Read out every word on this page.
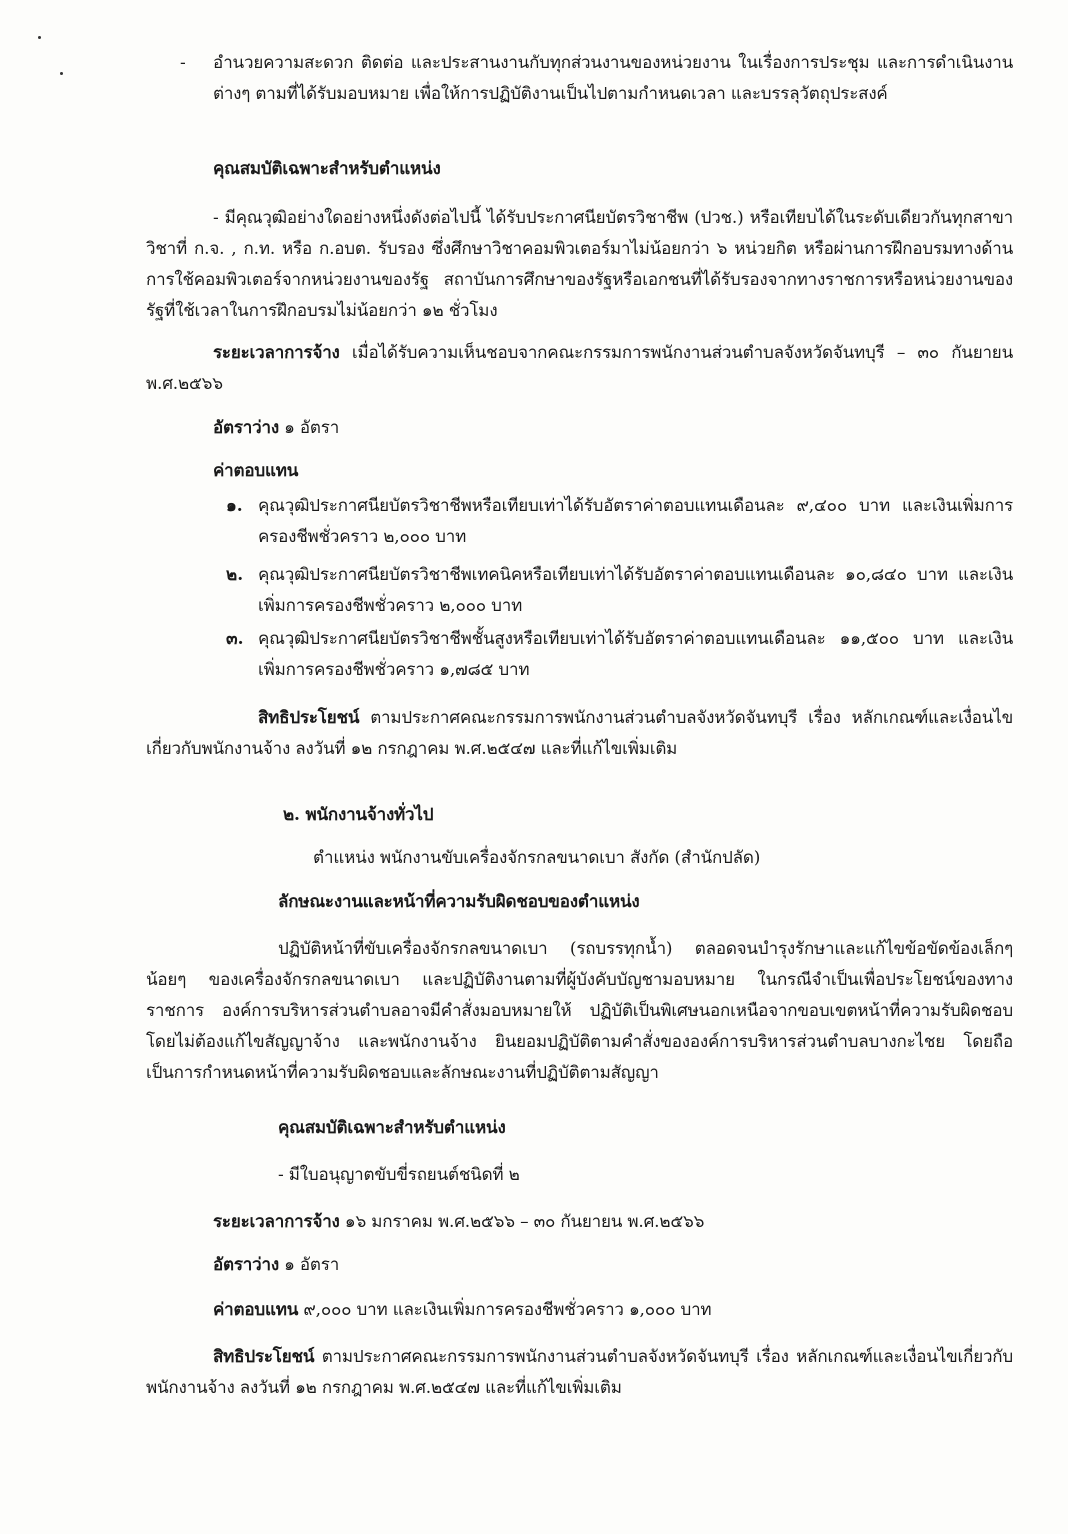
- อำนวยความสะดวก ติดต่อ และประสานงานกับทุกส่วนงานของหน่วยงาน ในเรื่องการประชุม และการดำเนินงานต่างๆ ตามที่ได้รับมอบหมาย เพื่อให้การปฏิบัติงานเป็นไปตามกำหนดเวลา และบรรลุวัตถุประสงค์

คุณสมบัติเฉพาะสำหรับตำแหน่ง

- มีคุณวุฒิอย่างใดอย่างหนึ่งดังต่อไปนี้ ได้รับประกาศนียบัตรวิชาชีพ (ปวช.) หรือเทียบได้ในระดับเดียวกันทุกสาขาวิชาที่ ก.จ. , ก.ท. หรือ ก.อบต. รับรอง ซึ่งศึกษาวิชาคอมพิวเตอร์มาไม่น้อยกว่า ๖ หน่วยกิต หรือผ่านการฝึกอบรมทางด้านการใช้คอมพิวเตอร์จากหน่วยงานของรัฐ สถาบันการศึกษาของรัฐหรือเอกชนที่ได้รับรองจากทางราชการหรือหน่วยงานของรัฐที่ใช้เวลาในการฝึกอบรมไม่น้อยกว่า ๑๒ ชั่วโมง

ระยะเวลาการจ้าง เมื่อได้รับความเห็นชอบจากคณะกรรมการพนักงานส่วนตำบลจังหวัดจันทบุรี – ๓๐ กันยายน พ.ศ.๒๕๖๖

อัตราว่าง ๑ อัตรา

ค่าตอบแทน

๑. คุณวุฒิประกาศนียบัตรวิชาชีพหรือเทียบเท่าได้รับอัตราค่าตอบแทนเดือนละ ๙,๔๐๐ บาท และเงินเพิ่มการครองชีพชั่วคราว ๒,๐๐๐ บาท

๒. คุณวุฒิประกาศนียบัตรวิชาชีพเทคนิคหรือเทียบเท่าได้รับอัตราค่าตอบแทนเดือนละ ๑๐,๘๔๐ บาท และเงินเพิ่มการครองชีพชั่วคราว ๒,๐๐๐ บาท

๓. คุณวุฒิประกาศนียบัตรวิชาชีพชั้นสูงหรือเทียบเท่าได้รับอัตราค่าตอบแทนเดือนละ ๑๑,๕๐๐ บาท และเงินเพิ่มการครองชีพชั่วคราว ๑,๗๘๕ บาท

สิทธิประโยชน์ ตามประกาศคณะกรรมการพนักงานส่วนตำบลจังหวัดจันทบุรี เรื่อง หลักเกณฑ์และเงื่อนไขเกี่ยวกับพนักงานจ้าง ลงวันที่ ๑๒ กรกฎาคม พ.ศ.๒๕๔๗ และที่แก้ไขเพิ่มเติม

๒. พนักงานจ้างทั่วไป

ตำแหน่ง พนักงานขับเครื่องจักรกลขนาดเบา สังกัด (สำนักปลัด)

ลักษณะงานและหน้าที่ความรับผิดชอบของตำแหน่ง

ปฏิบัติหน้าที่ขับเครื่องจักรกลขนาดเบา (รถบรรทุกน้ำ) ตลอดจนบำรุงรักษาและแก้ไขข้อขัดข้องเล็กๆ น้อยๆ ของเครื่องจักรกลขนาดเบา และปฏิบัติงานตามที่ผู้บังคับบัญชามอบหมาย ในกรณีจำเป็นเพื่อประโยชน์ของทางราชการ องค์การบริหารส่วนตำบลอาจมีคำสั่งมอบหมายให้ ปฏิบัติเป็นพิเศษนอกเหนือจากขอบเขตหน้าที่ความรับผิดชอบ โดยไม่ต้องแก้ไขสัญญาจ้าง และพนักงานจ้าง ยินยอมปฏิบัติตามคำสั่งขององค์การบริหารส่วนตำบลบางกะไชย โดยถือเป็นการกำหนดหน้าที่ความรับผิดชอบและลักษณะงานที่ปฏิบัติตามสัญญา

คุณสมบัติเฉพาะสำหรับตำแหน่ง

- มีใบอนุญาตขับขี่รถยนต์ชนิดที่ ๒

ระยะเวลาการจ้าง ๑๖ มกราคม พ.ศ.๒๕๖๖ – ๓๐ กันยายน พ.ศ.๒๕๖๖

อัตราว่าง ๑ อัตรา

ค่าตอบแทน ๙,๐๐๐ บาท และเงินเพิ่มการครองชีพชั่วคราว ๑,๐๐๐ บาท

สิทธิประโยชน์ ตามประกาศคณะกรรมการพนักงานส่วนตำบลจังหวัดจันทบุรี เรื่อง หลักเกณฑ์และเงื่อนไขเกี่ยวกับพนักงานจ้าง ลงวันที่ ๑๒ กรกฎาคม พ.ศ.๒๕๔๗ และที่แก้ไขเพิ่มเติม
